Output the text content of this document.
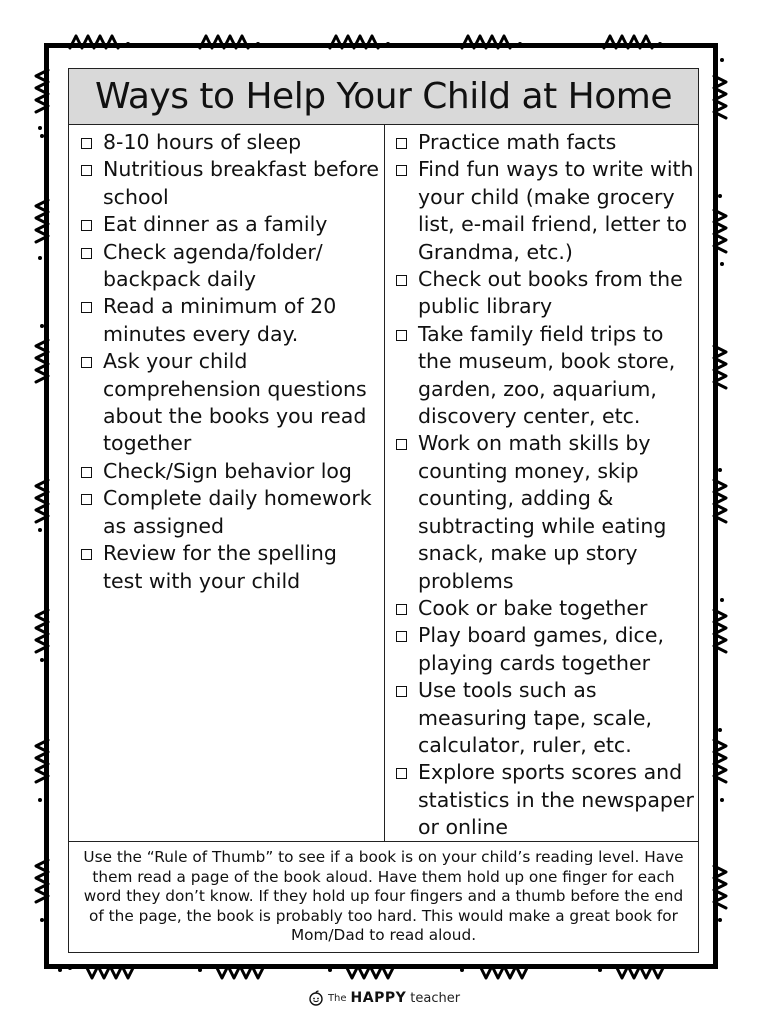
Ways to Help Your Child at Home
8-10 hours of sleep
Nutritious breakfast before school
Eat dinner as a family
Check agenda/folder/ backpack daily
Read a minimum of 20 minutes every day.
Ask your child comprehension questions about the books you read together
Check/Sign behavior log
Complete daily homework as assigned
Review for the spelling test with your child
Practice math facts
Find fun ways to write with your child (make grocery list, e-mail friend, letter to Grandma, etc.)
Check out books from the public library
Take family field trips to the museum, book store, garden, zoo, aquarium, discovery center, etc.
Work on math skills by counting money, skip counting, adding & subtracting while eating snack, make up story problems
Cook or bake together
Play board games, dice, playing cards together
Use tools such as measuring tape, scale, calculator, ruler, etc.
Explore sports scores and statistics in the newspaper or online
Use the “Rule of Thumb” to see if a book is on your child’s reading level. Have them read a page of the book aloud. Have them hold up one finger for each word they don’t know. If they hold up four fingers and a thumb before the end of the page, the book is probably too hard. This would make a great book for Mom/Dad to read aloud.
The HAPPY teacher
